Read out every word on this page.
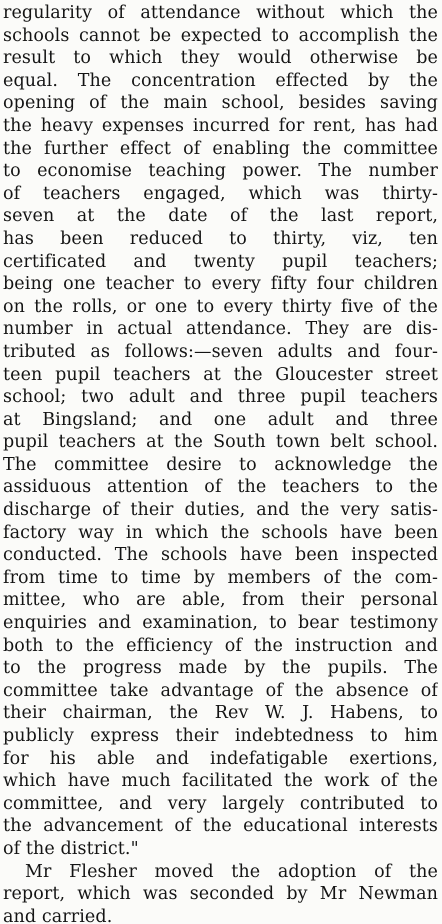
regularity of attendance without which the
schools cannot be expected to accomplish the
result to which they would otherwise be
equal. The concentration effected by the
opening of the main school, besides saving
the heavy expenses incurred for rent, has had
the further effect of enabling the committee
to economise teaching power. The number
of teachers engaged, which was thirty-
seven at the date of the last report,
has been reduced to thirty, viz, ten
certificated and twenty pupil teachers;
being one teacher to every fifty four children
on the rolls, or one to every thirty five of the
number in actual attendance. They are dis-
tributed as follows:—seven adults and four-
teen pupil teachers at the Gloucester street
school; two adult and three pupil teachers
at Bingsland; and one adult and three
pupil teachers at the South town belt school.
The committee desire to acknowledge the
assiduous attention of the teachers to the
discharge of their duties, and the very satis-
factory way in which the schools have been
conducted. The schools have been inspected
from time to time by members of the com-
mittee, who are able, from their personal
enquiries and examination, to bear testimony
both to the efficiency of the instruction and
to the progress made by the pupils. The
committee take advantage of the absence of
their chairman, the Rev W. J. Habens, to
publicly express their indebtedness to him
for his able and indefatigable exertions,
which have much facilitated the work of the
committee, and very largely contributed to
the advancement of the educational interests
of the district."
Mr Flesher moved the adoption of the
report, which was seconded by Mr Newman
and carried.
